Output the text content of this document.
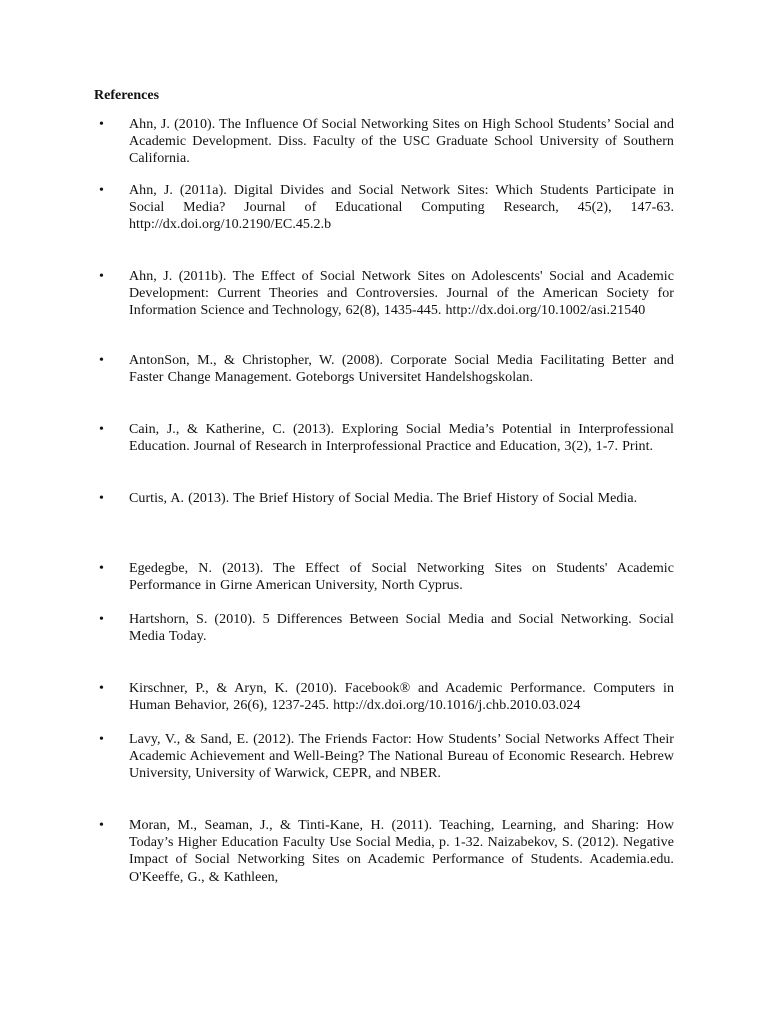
References
•	Ahn, J. (2010). The Influence Of Social Networking Sites on High School Students’ Social and Academic Development. Diss. Faculty of the USC Graduate School University of Southern California.
•	Ahn, J. (2011a). Digital Divides and Social Network Sites: Which Students Participate in Social Media? Journal of Educational Computing Research, 45(2), 147-63. http://dx.doi.org/10.2190/EC.45.2.b
•	Ahn, J. (2011b). The Effect of Social Network Sites on Adolescents' Social and Academic Development: Current Theories and Controversies. Journal of the American Society for Information Science and Technology, 62(8), 1435-445. http://dx.doi.org/10.1002/asi.21540
•	AntonSon, M., & Christopher, W. (2008). Corporate Social Media Facilitating Better and Faster Change Management. Goteborgs Universitet Handelshogskolan.
•	Cain, J., & Katherine, C. (2013). Exploring Social Media’s Potential in Interprofessional Education. Journal of Research in Interprofessional Practice and Education, 3(2), 1-7. Print.
•	Curtis, A. (2013). The Brief History of Social Media. The Brief History of Social Media.
•	Egedegbe, N. (2013). The Effect of Social Networking Sites on Students' Academic Performance in Girne American University, North Cyprus.
•	Hartshorn, S. (2010). 5 Differences Between Social Media and Social Networking. Social Media Today.
•	Kirschner, P., & Aryn, K. (2010). Facebook® and Academic Performance. Computers in Human Behavior, 26(6), 1237-245. http://dx.doi.org/10.1016/j.chb.2010.03.024
•	Lavy, V., & Sand, E. (2012). The Friends Factor: How Students’ Social Networks Affect Their Academic Achievement and Well-Being? The National Bureau of Economic Research. Hebrew University, University of Warwick, CEPR, and NBER.
•	Moran, M., Seaman, J., & Tinti-Kane, H. (2011). Teaching, Learning, and Sharing: How Today’s Higher Education Faculty Use Social Media, p. 1-32. Naizabekov, S. (2012). Negative Impact of Social Networking Sites on Academic Performance of Students. Academia.edu. O'Keeffe, G., & Kathleen,
